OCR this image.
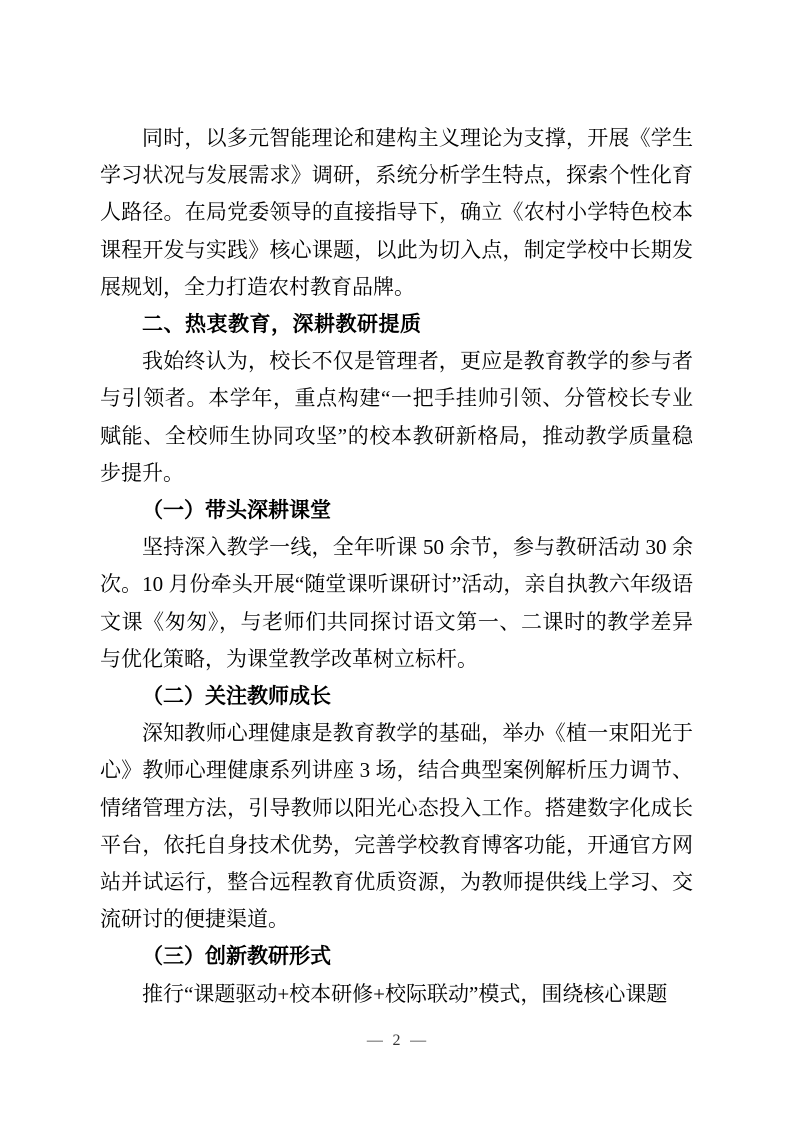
同时，以多元智能理论和建构主义理论为支撑，开展《学生学习状况与发展需求》调研，系统分析学生特点，探索个性化育人路径。在局党委领导的直接指导下，确立《农村小学特色校本课程开发与实践》核心课题，以此为切入点，制定学校中长期发展规划，全力打造农村教育品牌。

二、热衷教育，深耕教研提质

我始终认为，校长不仅是管理者，更应是教育教学的参与者与引领者。本学年，重点构建“一把手挂帅引领、分管校长专业赋能、全校师生协同攻坚”的校本教研新格局，推动教学质量稳步提升。

（一）带头深耕课堂

坚持深入教学一线，全年听课 50 余节，参与教研活动 30 余次。10 月份牵头开展“随堂课听课研讨”活动，亲自执教六年级语文课《匆匆》，与老师们共同探讨语文第一、二课时的教学差异与优化策略，为课堂教学改革树立标杆。

（二）关注教师成长

深知教师心理健康是教育教学的基础，举办《植一束阳光于心》教师心理健康系列讲座 3 场，结合典型案例解析压力调节、情绪管理方法，引导教师以阳光心态投入工作。搭建数字化成长平台，依托自身技术优势，完善学校教育博客功能，开通官方网站并试运行，整合远程教育优质资源，为教师提供线上学习、交流研讨的便捷渠道。

（三）创新教研形式

推行“课题驱动+校本研修+校际联动”模式，围绕核心课题

— 2 —
